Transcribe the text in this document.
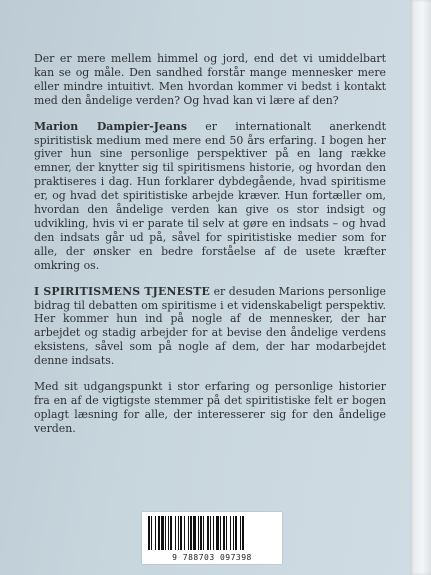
Der er mere mellem himmel og jord, end det vi umiddelbart kan se og måle. Den sandhed forstår mange mennesker mere eller mindre intuitivt. Men hvordan kommer vi bedst i kontakt med den åndelige verden? Og hvad kan vi lære af den?

Marion Dampier-Jeans er internationalt anerkendt spiritistisk medium med mere end 50 års erfaring. I bogen her giver hun sine personlige perspektiver på en lang række emner, der knytter sig til spiritismens historie, og hvordan den praktiseres i dag. Hun forklarer dybdegående, hvad spiritisme er, og hvad det spiritistiske arbejde kræver. Hun fortæller om, hvordan den åndelige verden kan give os stor indsigt og udvikling, hvis vi er parate til selv at gøre en indsats – og hvad den indsats går ud på, såvel for spiritistiske medier som for alle, der ønsker en bedre forståelse af de usete kræfter omkring os.

I SPIRITISMENS TJENESTE er desuden Marions personlige bidrag til debatten om spiritisme i et videnskabeligt perspektiv. Her kommer hun ind på nogle af de mennesker, der har arbejdet og stadig arbejder for at bevise den åndelige verdens eksistens, såvel som på nogle af dem, der har modarbejdet denne indsats.

Med sit udgangspunkt i stor erfaring og personlige historier fra en af de vigtigste stemmer på det spiritistiske felt er bogen oplagt læsning for alle, der interesserer sig for den åndelige verden.

9 788703 097398
